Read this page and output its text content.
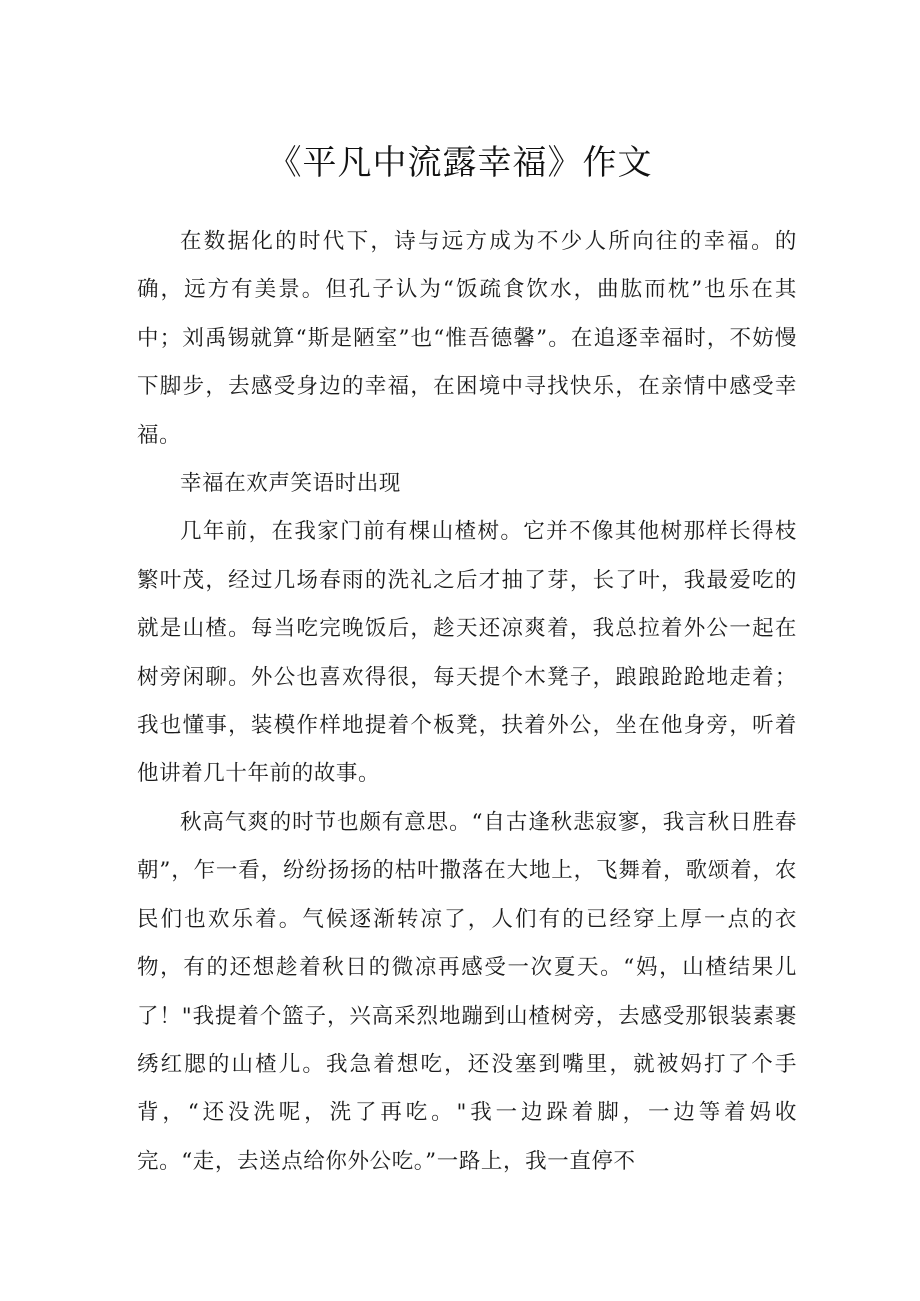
《平凡中流露幸福》作文

在数据化的时代下，诗与远方成为不少人所向往的幸福。的确，远方有美景。但孔子认为“饭疏食饮水，曲肱而枕”也乐在其中；刘禹锡就算“斯是陋室”也“惟吾德馨”。在追逐幸福时，不妨慢下脚步，去感受身边的幸福，在困境中寻找快乐，在亲情中感受幸福。

幸福在欢声笑语时出现

几年前，在我家门前有棵山楂树。它并不像其他树那样长得枝繁叶茂，经过几场春雨的洗礼之后才抽了芽，长了叶，我最爱吃的就是山楂。每当吃完晚饭后，趁天还凉爽着，我总拉着外公一起在树旁闲聊。外公也喜欢得很，每天提个木凳子，踉踉跄跄地走着；我也懂事，装模作样地提着个板凳，扶着外公，坐在他身旁，听着他讲着几十年前的故事。

秋高气爽的时节也颇有意思。“自古逢秋悲寂寥，我言秋日胜春朝”，乍一看，纷纷扬扬的枯叶撒落在大地上，飞舞着，歌颂着，农民们也欢乐着。气候逐渐转凉了，人们有的已经穿上厚一点的衣物，有的还想趁着秋日的微凉再感受一次夏天。“妈，山楂结果儿了！"我提着个篮子，兴高采烈地蹦到山楂树旁，去感受那银装素裹绣红腮的山楂儿。我急着想吃，还没塞到嘴里，就被妈打了个手背，“还没洗呢，洗了再吃。"我一边跺着脚，一边等着妈收完。“走，去送点给你外公吃。”一路上，我一直停不
